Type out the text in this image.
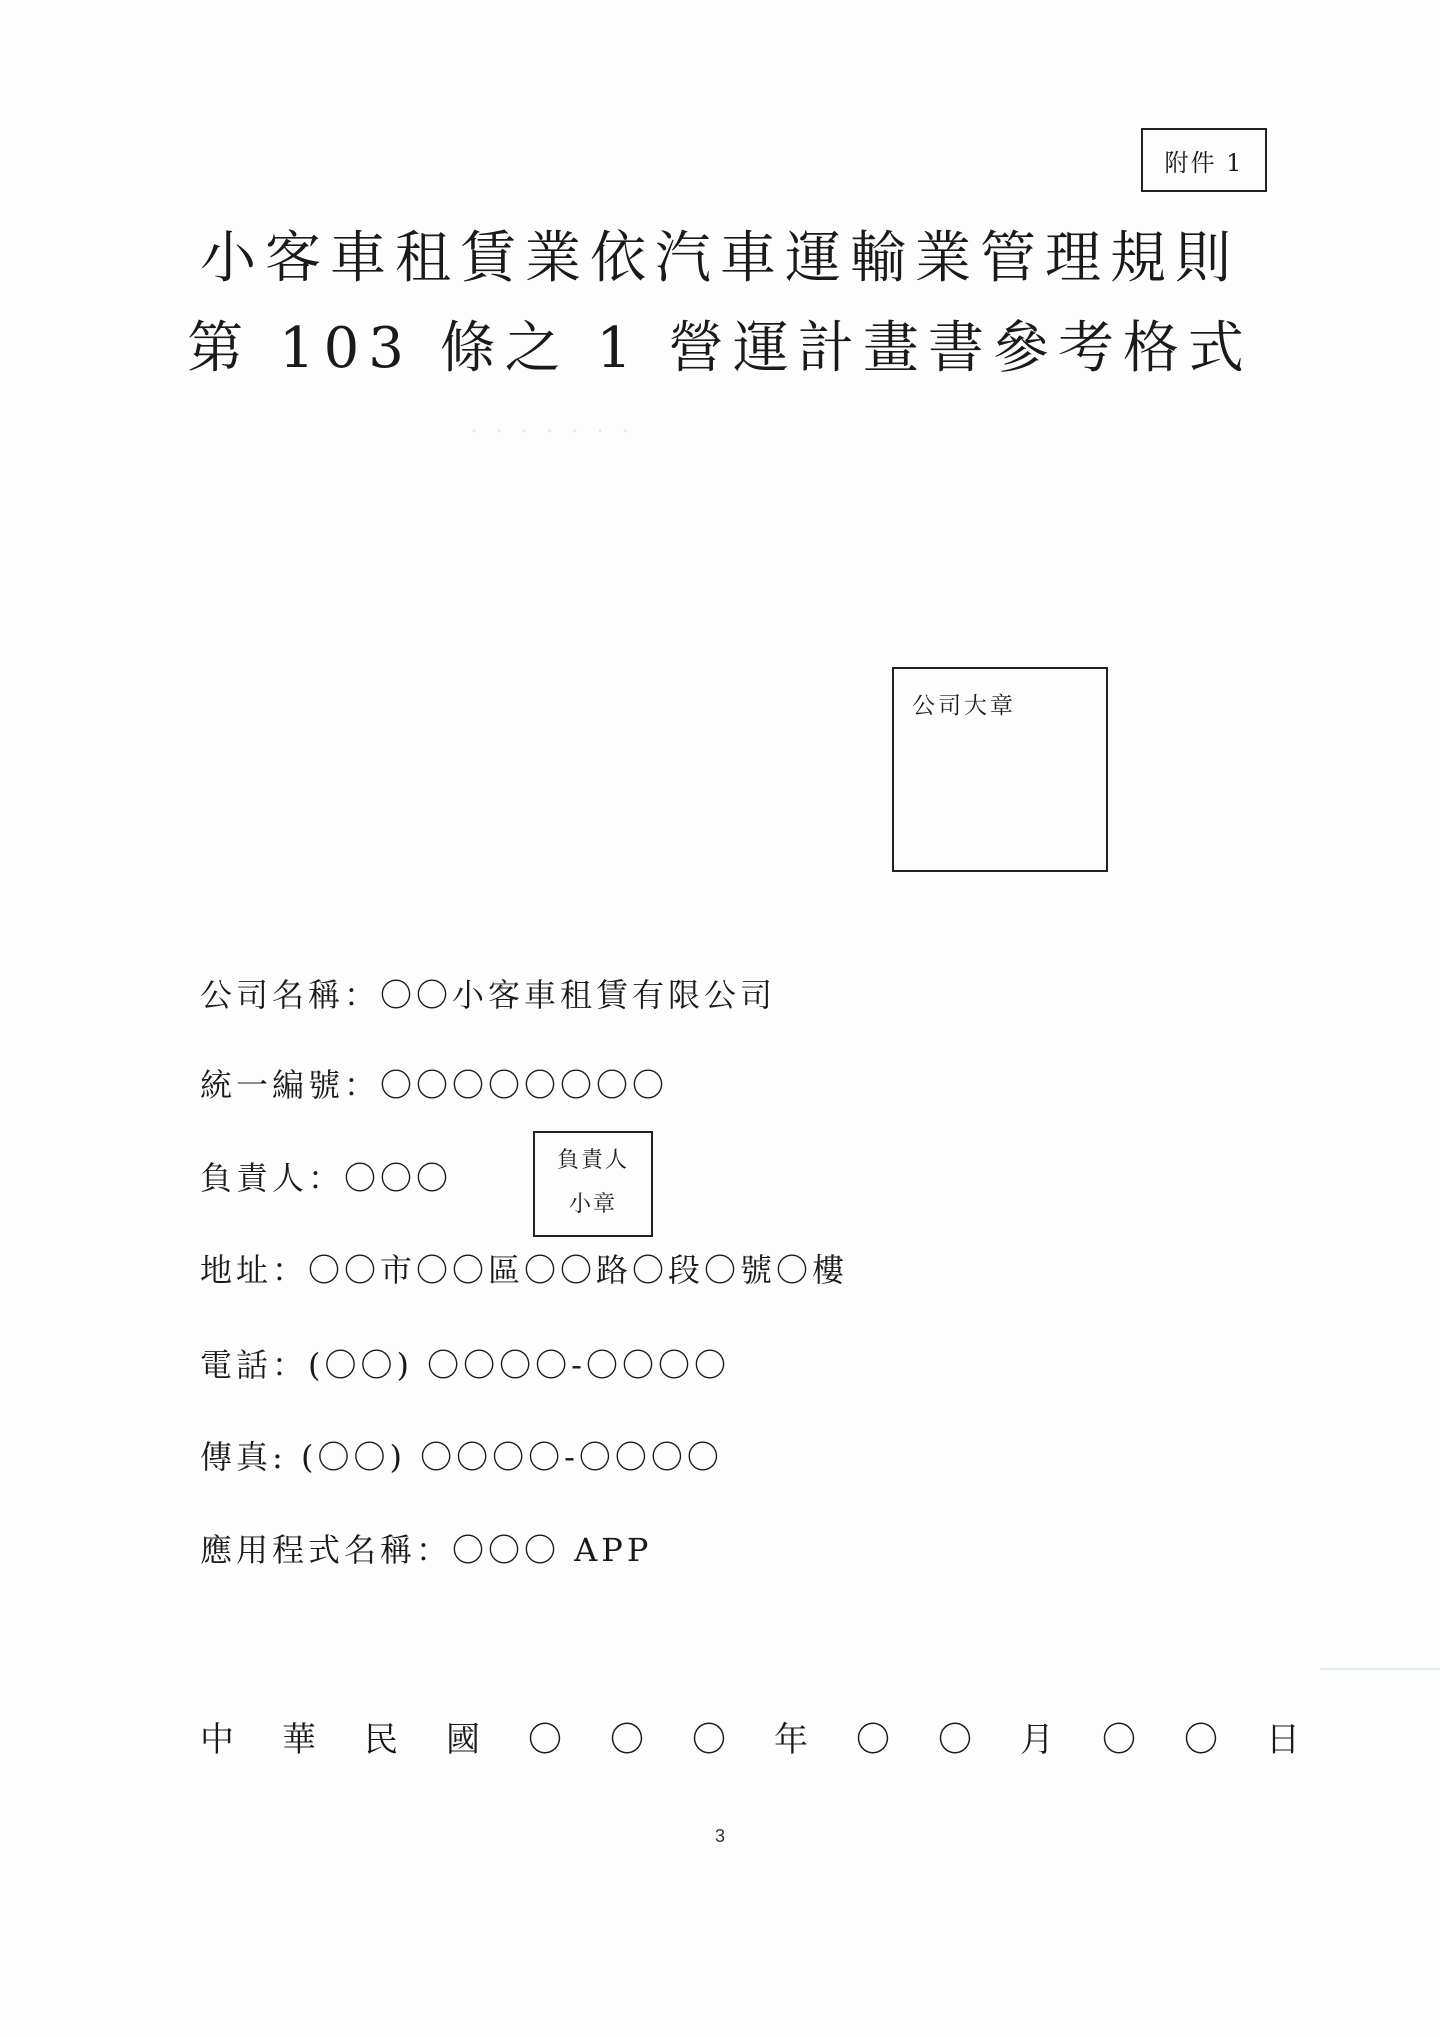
. . . . . . .
附件 1
小客車租賃業依汽車運輸業管理規則
第 103 條之 1 營運計畫書參考格式
公司大章
公司名稱：〇〇小客車租賃有限公司
統一編號：〇〇〇〇〇〇〇〇
負責人：〇〇〇	負責人
小章
地址：〇〇市〇〇區〇〇路〇段〇號〇樓
電話：(〇〇) 〇〇〇〇-〇〇〇〇
傳真: (〇〇) 〇〇〇〇-〇〇〇〇
應用程式名稱：〇〇〇 APP
中 華 民 國 〇 〇 〇 年 〇 〇 月 〇 〇 日
3
